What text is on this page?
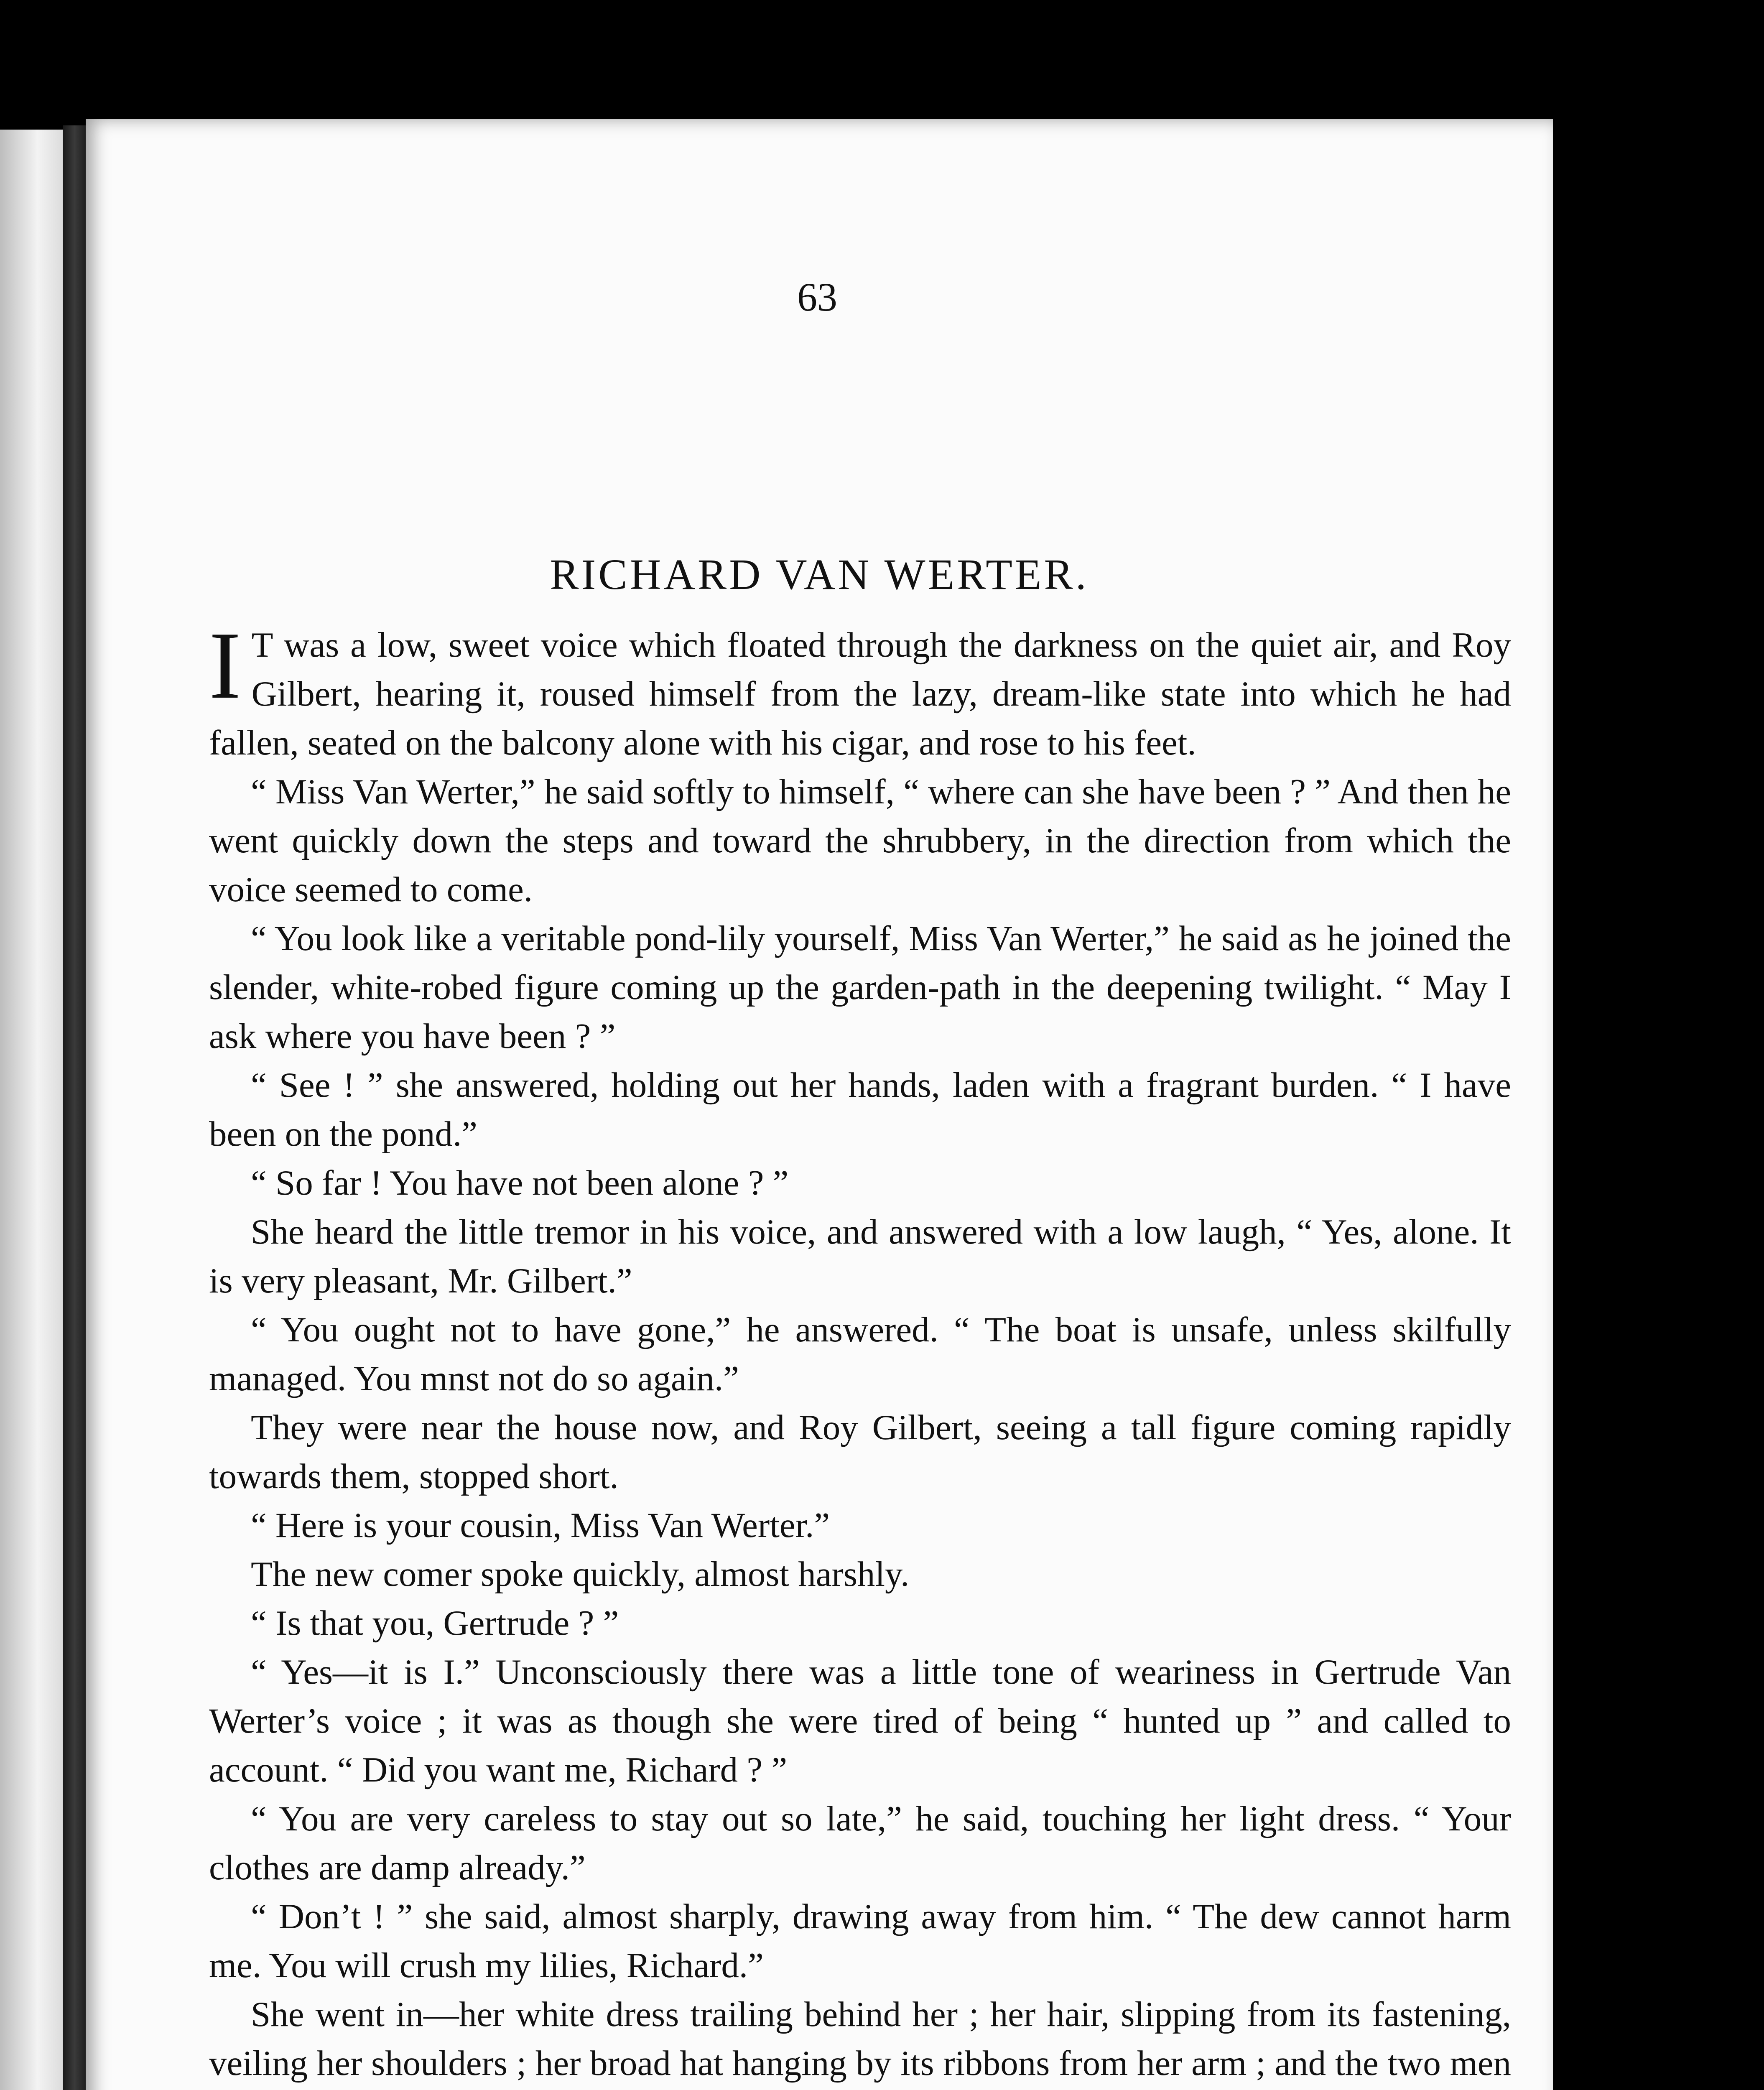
63
RICHARD VAN WERTER.

I T was a low, sweet voice which floated through the darkness on the quiet air, and Roy Gilbert, hearing it, roused himself from the lazy, dream-like state into which he had fallen, seated on the balcony alone with his cigar, and rose to his feet.

“ Miss Van Werter,” he said softly to himself, “ where can she have been ? ” And then he went quickly down the steps and toward the shrubbery, in the direction from which the voice seemed to come.

“ You look like a veritable pond-lily yourself, Miss Van Werter,” he said as he joined the slender, white-robed figure coming up the garden-path in the deepening twilight. “ May I ask where you have been ? ”

“ See ! ” she answered, holding out her hands, laden with a fragrant burden. “ I have been on the pond.”

“ So far ! You have not been alone ? ”

She heard the little tremor in his voice, and answered with a low laugh, “ Yes, alone. It is very pleasant, Mr. Gilbert.”

“ You ought not to have gone,” he answered. “ The boat is unsafe, unless skilfully managed. You mnst not do so again.”

They were near the house now, and Roy Gilbert, seeing a tall figure coming rapidly towards them, stopped short.

“ Here is your cousin, Miss Van Werter.”

The new comer spoke quickly, almost harshly.

“ Is that you, Gertrude ? ”

“ Yes—it is I.” Unconsciously there was a little tone of weariness in Gertrude Van Werter’s voice ; it was as though she were tired of being “ hunted up ” and called to account. “ Did you want me, Richard ? ”

“ You are very careless to stay out so late,” he said, touching her light dress. “ Your clothes are damp already.”

“ Don’t ! ” she said, almost sharply, drawing away from him. “ The dew cannot harm me. You will crush my lilies, Richard.”

She went in—her white dress trailing behind her ; her hair, slipping from its fastening, veiling her shoulders ; her broad hat hanging by its ribbons from her arm ; and the two men
